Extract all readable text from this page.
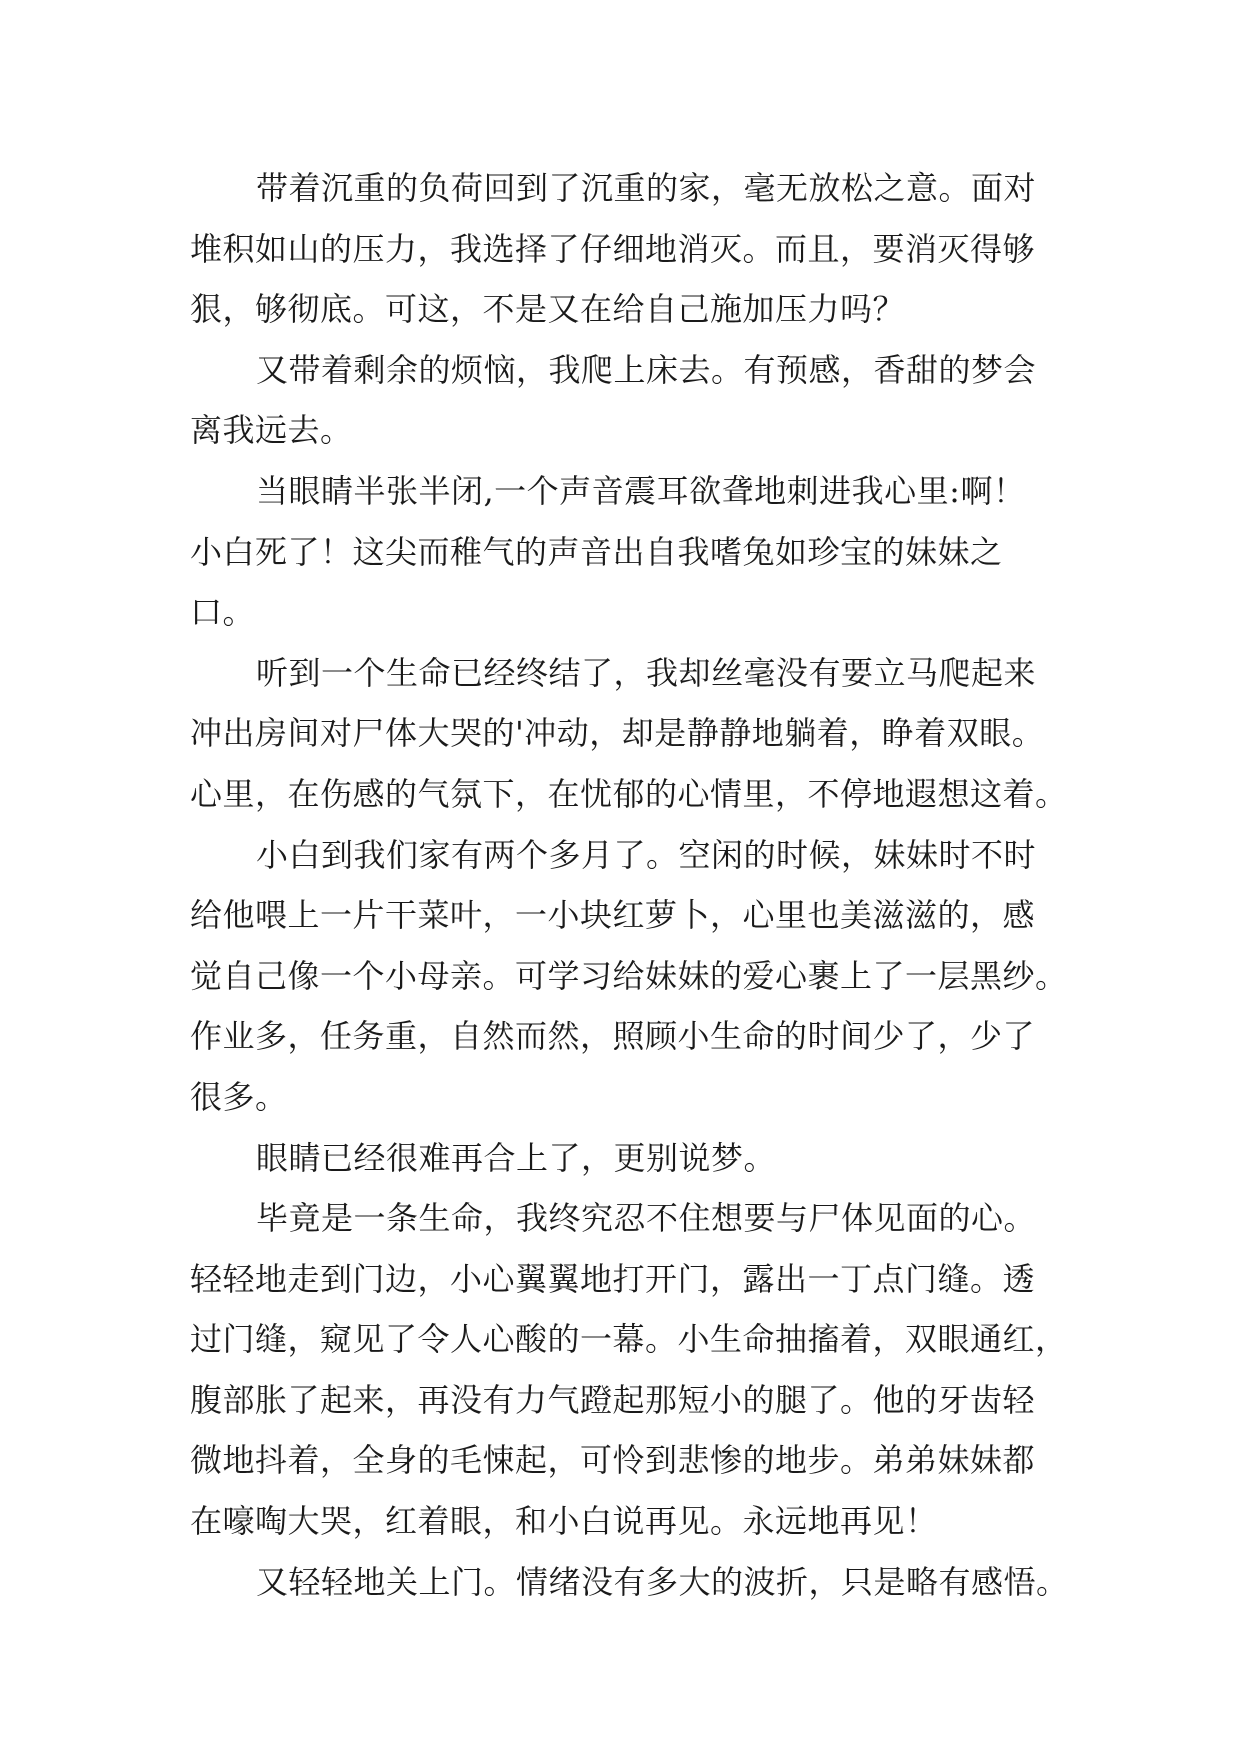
带着沉重的负荷回到了沉重的家，毫无放松之意。面对
堆积如山的压力，我选择了仔细地消灭。而且，要消灭得够
狠，够彻底。可这，不是又在给自己施加压力吗？
又带着剩余的烦恼，我爬上床去。有预感，香甜的梦会
离我远去。
当眼睛半张半闭,一个声音震耳欲聋地刺进我心里:啊！
小白死了！这尖而稚气的声音出自我嗜兔如珍宝的妹妹之
口。
听到一个生命已经终结了，我却丝毫没有要立马爬起来
冲出房间对尸体大哭的'冲动，却是静静地躺着，睁着双眼。
心里，在伤感的气氛下，在忧郁的心情里，不停地遐想这着。
小白到我们家有两个多月了。空闲的时候，妹妹时不时
给他喂上一片干菜叶，一小块红萝卜，心里也美滋滋的，感
觉自己像一个小母亲。可学习给妹妹的爱心裹上了一层黑纱。
作业多，任务重，自然而然，照顾小生命的时间少了，少了
很多。
眼睛已经很难再合上了，更别说梦。
毕竟是一条生命，我终究忍不住想要与尸体见面的心。
轻轻地走到门边，小心翼翼地打开门，露出一丁点门缝。透
过门缝，窥见了令人心酸的一幕。小生命抽搐着，双眼通红，
腹部胀了起来，再没有力气蹬起那短小的腿了。他的牙齿轻
微地抖着，全身的毛悚起，可怜到悲惨的地步。弟弟妹妹都
在嚎啕大哭，红着眼，和小白说再见。永远地再见！
又轻轻地关上门。情绪没有多大的波折，只是略有感悟。
